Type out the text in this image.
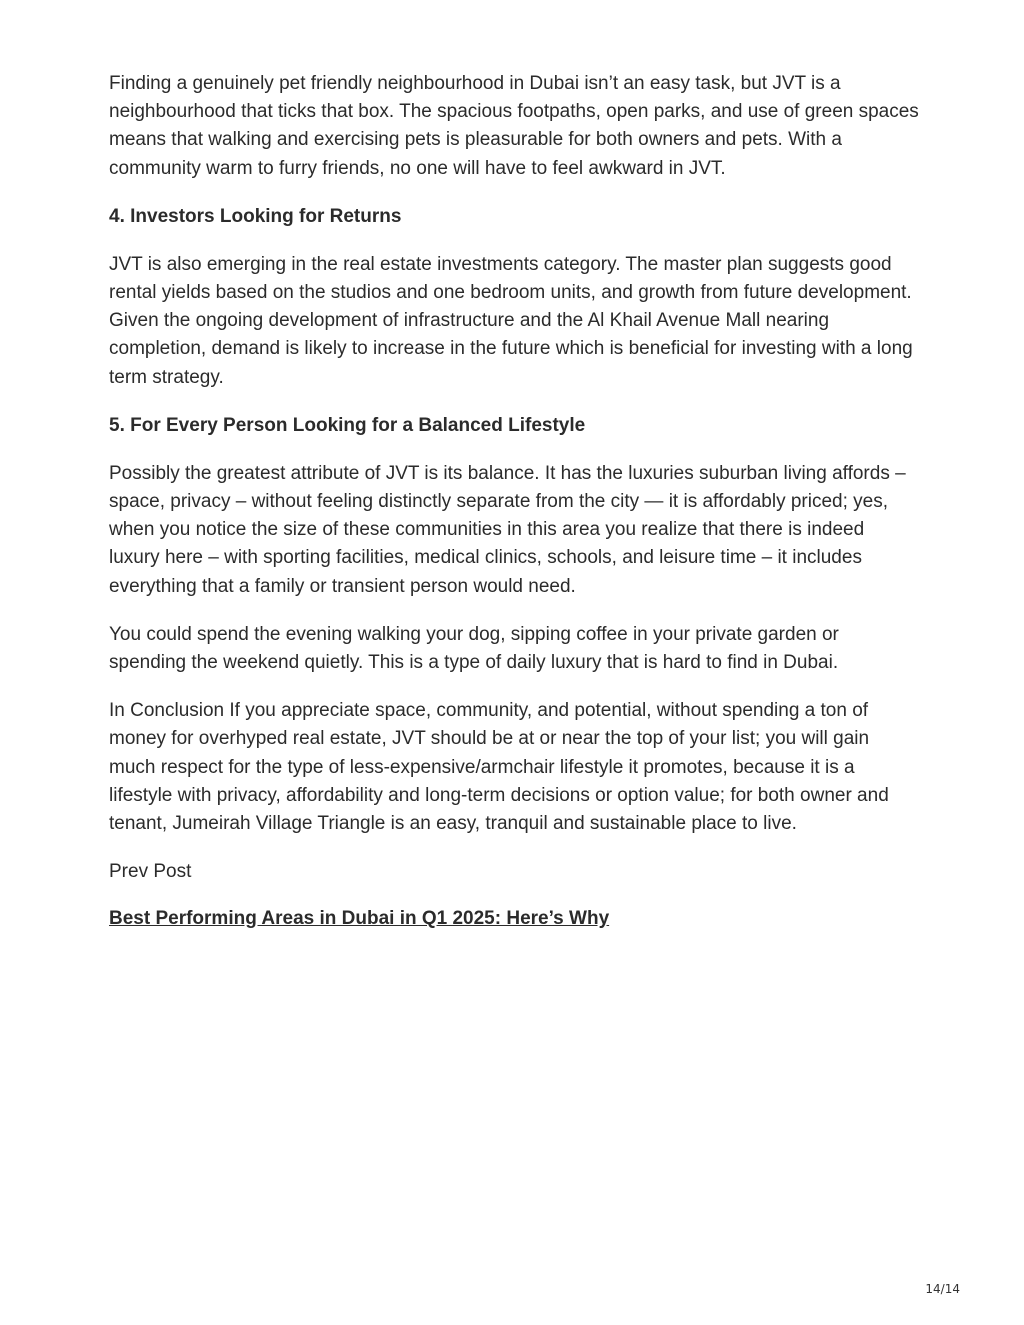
Finding a genuinely pet friendly neighbourhood in Dubai isn’t an easy task, but JVT is a neighbourhood that ticks that box. The spacious footpaths, open parks, and use of green spaces means that walking and exercising pets is pleasurable for both owners and pets. With a community warm to furry friends, no one will have to feel awkward in JVT.

4. Investors Looking for Returns

JVT is also emerging in the real estate investments category. The master plan suggests good rental yields based on the studios and one bedroom units, and growth from future development. Given the ongoing development of infrastructure and the Al Khail Avenue Mall nearing completion, demand is likely to increase in the future which is beneficial for investing with a long term strategy.

5. For Every Person Looking for a Balanced Lifestyle

Possibly the greatest attribute of JVT is its balance. It has the luxuries suburban living affords – space, privacy – without feeling distinctly separate from the city — it is affordably priced; yes, when you notice the size of these communities in this area you realize that there is indeed luxury here – with sporting facilities, medical clinics, schools, and leisure time – it includes everything that a family or transient person would need.

You could spend the evening walking your dog, sipping coffee in your private garden or spending the weekend quietly. This is a type of daily luxury that is hard to find in Dubai.

In Conclusion If you appreciate space, community, and potential, without spending a ton of money for overhyped real estate, JVT should be at or near the top of your list; you will gain much respect for the type of less-expensive/armchair lifestyle it promotes, because it is a lifestyle with privacy, affordability and long-term decisions or option value; for both owner and tenant, Jumeirah Village Triangle is an easy, tranquil and sustainable place to live.

Prev Post

Best Performing Areas in Dubai in Q1 2025: Here’s Why
14/14
